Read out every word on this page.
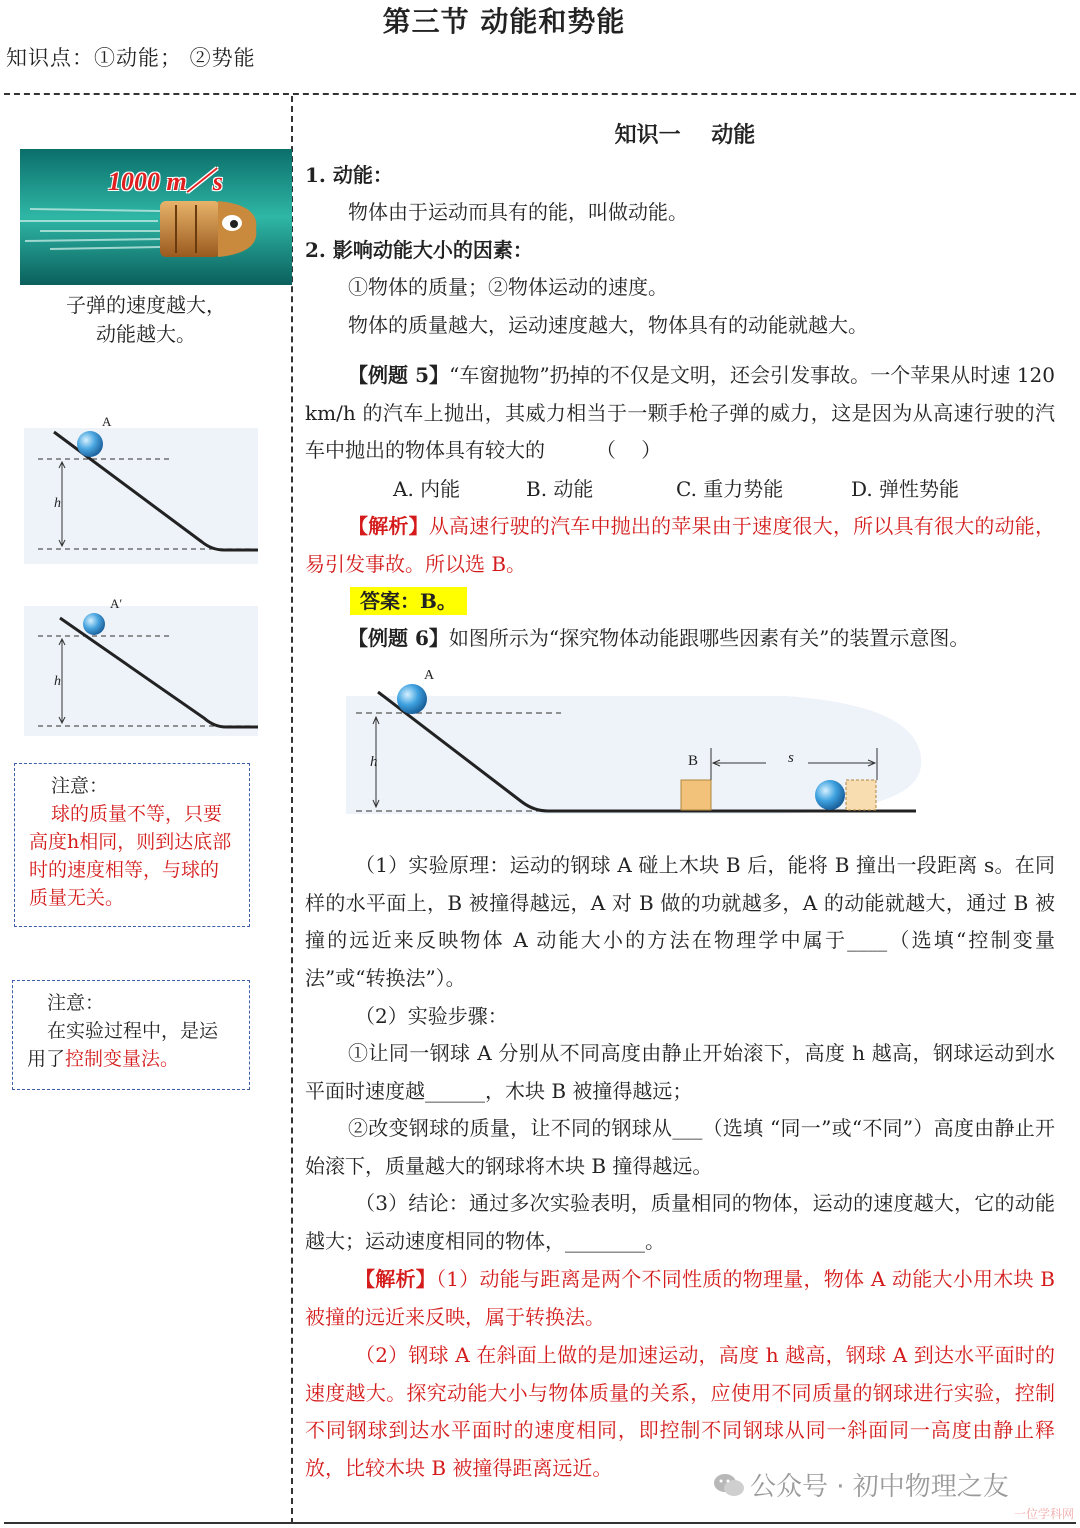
第三节 动能和势能
知识点：①动能； ②势能
1000 m／s
子弹的速度越大，
动能越大。
A
h
A′
h
注意：
球的质量不等，只要高度h相同，则到达底部时的速度相等，与球的质量无关。
注意：
在实验过程中，是运用了控制变量法。
知识一    动能
1. 动能：
物体由于运动而具有的能，叫做动能。
2. 影响动能大小的因素：
①物体的质量；②物体运动的速度。
物体的质量越大，运动速度越大，物体具有的动能就越大。
【例题 5】“车窗抛物”扔掉的不仅是文明，还会引发事故。一个苹果从时速 120 km/h 的汽车上抛出，其威力相当于一颗手枪子弹的威力，这是因为从高速行驶的汽车中抛出的物体具有较大的        （    ）
A. 内能	B. 动能	C. 重力势能	D. 弹性势能
【解析】从高速行驶的汽车中抛出的苹果由于速度很大，所以具有很大的动能，易引发事故。所以选 B。
答案：B。
【例题 6】如图所示为“探究物体动能跟哪些因素有关”的装置示意图。
A
B	s
h
（1）实验原理：运动的钢球 A 碰上木块 B 后，能将 B 撞出一段距离 s。在同样的水平面上，B 被撞得越远，A 对 B 做的功就越多，A 的动能就越大，通过 B 被撞的远近来反映物体 A 动能大小的方法在物理学中属于____（选填“控制变量法”或“转换法”）。
（2）实验步骤：
①让同一钢球 A 分别从不同高度由静止开始滚下，高度 h 越高，钢球运动到水平面时速度越______，木块 B 被撞得越远；
②改变钢球的质量，让不同的钢球从___（选填 “同一”或“不同”）高度由静止开始滚下，质量越大的钢球将木块 B 撞得越远。
（3）结论：通过多次实验表明，质量相同的物体，运动的速度越大，它的动能越大；运动速度相同的物体，________。
【解析】（1）动能与距离是两个不同性质的物理量，物体 A 动能大小用木块 B 被撞的远近来反映，属于转换法。
（2）钢球 A 在斜面上做的是加速运动，高度 h 越高，钢球 A 到达水平面时的速度越大。探究动能大小与物体质量的关系，应使用不同质量的钢球进行实验，控制不同钢球到达水平面时的速度相同，即控制不同钢球从同一斜面同一高度由静止释放，比较木块 B 被撞得距离远近。
公众号 · 初中物理之友
一位学科网
